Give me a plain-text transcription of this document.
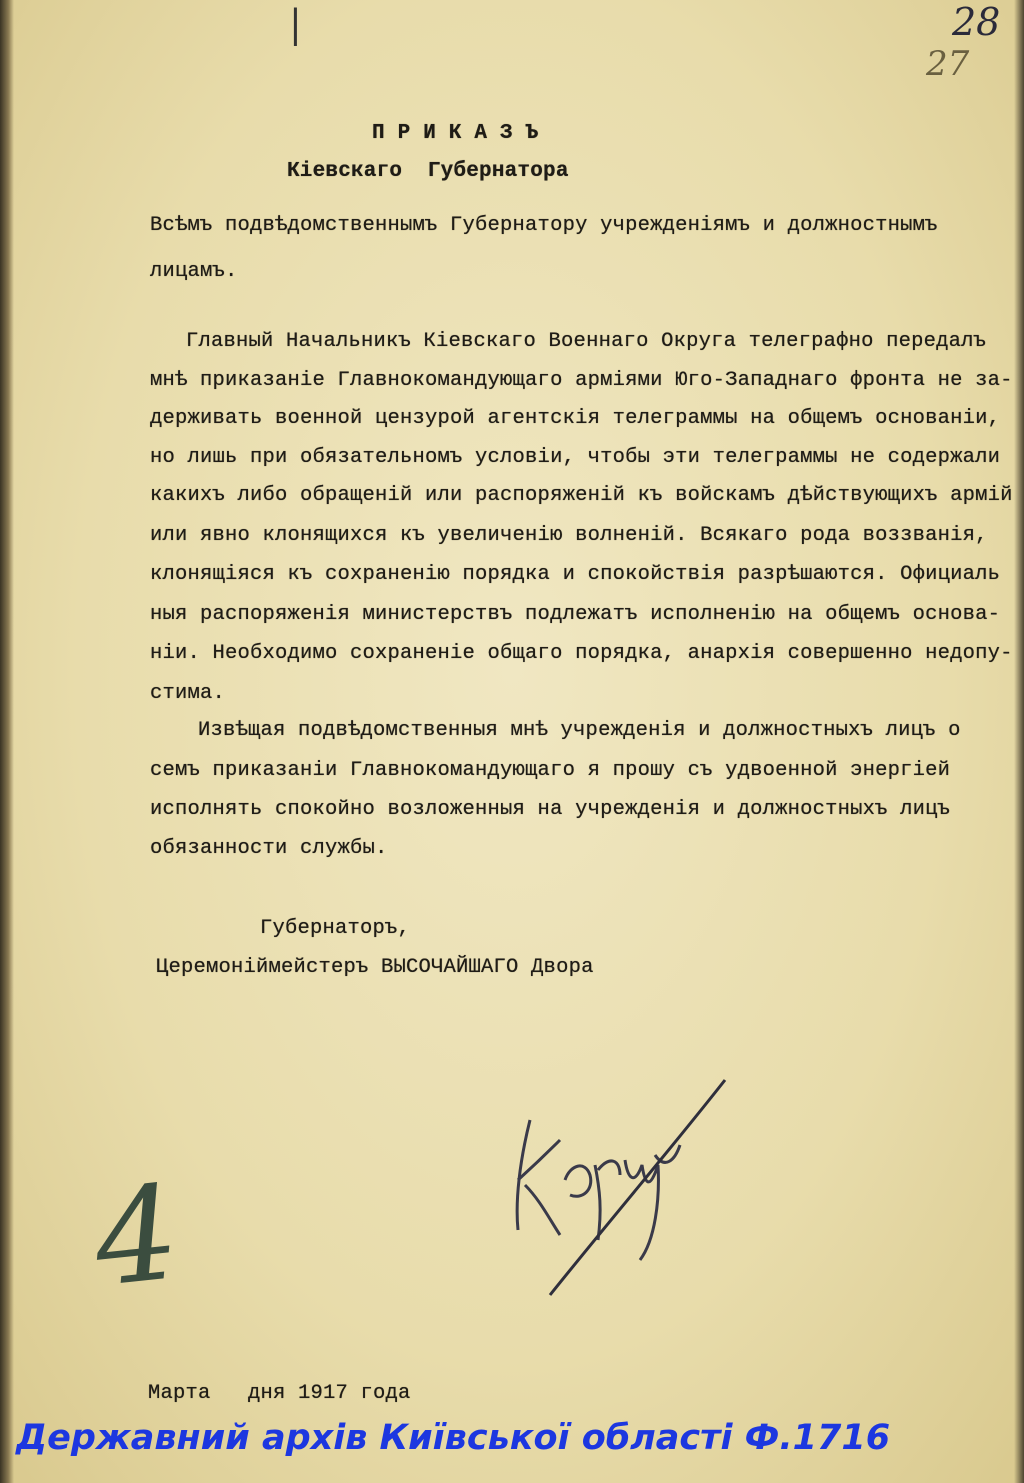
|	28
27
П Р И К А З Ъ
Кіевскаго  Губернатора
Всѣмъ подвѣдомственнымъ Губернатору учреждeніямъ и должностнымъ
лицамъ.
Главный Начальникъ Кіевскаго Военнаго Округа телеграфно передалъ
мнѣ приказаніе Главнокомандующаго арміями Юго-Западнаго фронта не за-
держивать военной цензурой агентскія телеграммы на общемъ основаніи,
но лишь при обязательномъ условіи, чтобы эти телеграммы не содержали
какихъ либо обращеній или распоряженій къ войскамъ дѣйствующихъ армій
или явно клонящихся къ увеличенію волненій. Всякаго рода воззванія,
клонящіяся къ сохраненію порядка и спокойствія разрѣшаются. Официаль
ныя распоряженія министерствъ подлежатъ исполненію на общемъ основа-
ніи. Необходимо сохраненіе общаго порядка, анархія совершенно недопу-
стима.
Извѣщая подвѣдомственныя мнѣ учрежденія и должностныхъ лицъ о
семъ приказаніи Главнокомандующаго я прошу съ удвоенной энергіей
исполнять спокойно возложенныя на учрежденія и должностныхъ лицъ
обязанности службы.
Губернаторъ,
Церемоніймейстеръ ВЫСОЧАЙШАГО Двора
4
Марта   дня 1917 года
Державний архів Київської області Ф.1716
